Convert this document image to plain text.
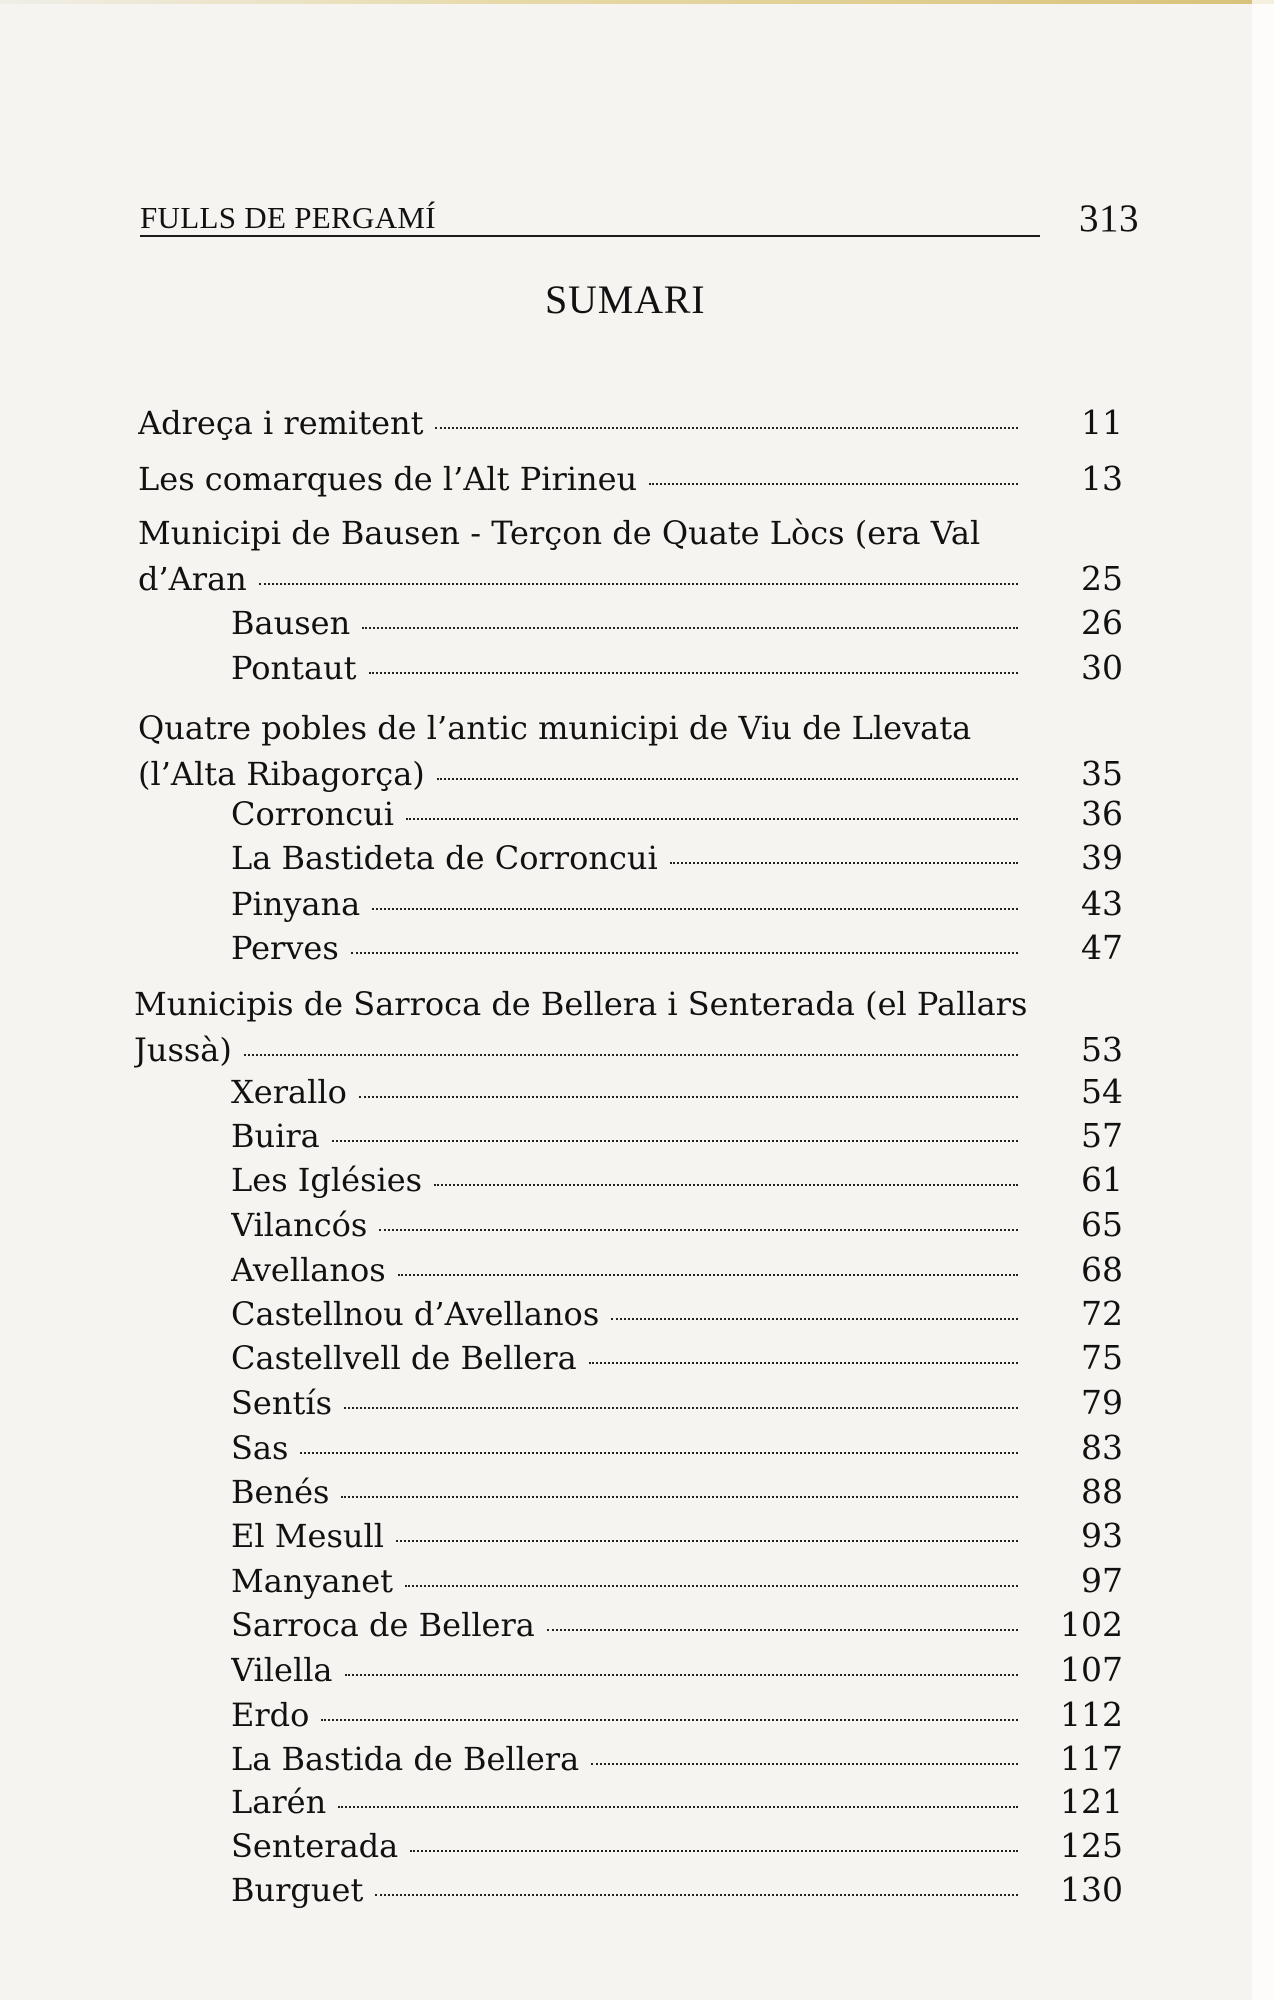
FULLS DE PERGAMÍ	313
SUMARI
Adreça i remitent	11
Les comarques de l’Alt Pirineu	13
Municipi de Bausen - Terçon de Quate Lòcs (era Val
d’Aran	25
Bausen	26
Pontaut	30
Quatre pobles de l’antic municipi de Viu de Llevata
(l’Alta Ribagorça)	35
Corroncui	36
La Bastideta de Corroncui	39
Pinyana	43
Perves	47
Municipis de Sarroca de Bellera i Senterada (el Pallars
Jussà)	53
Xerallo	54
Buira	57
Les Iglésies	61
Vilancós	65
Avellanos	68
Castellnou d’Avellanos	72
Castellvell de Bellera	75
Sentís	79
Sas	83
Benés	88
El Mesull	93
Manyanet	97
Sarroca de Bellera	102
Vilella	107
Erdo	112
La Bastida de Bellera	117
Larén	121
Senterada	125
Burguet	130
